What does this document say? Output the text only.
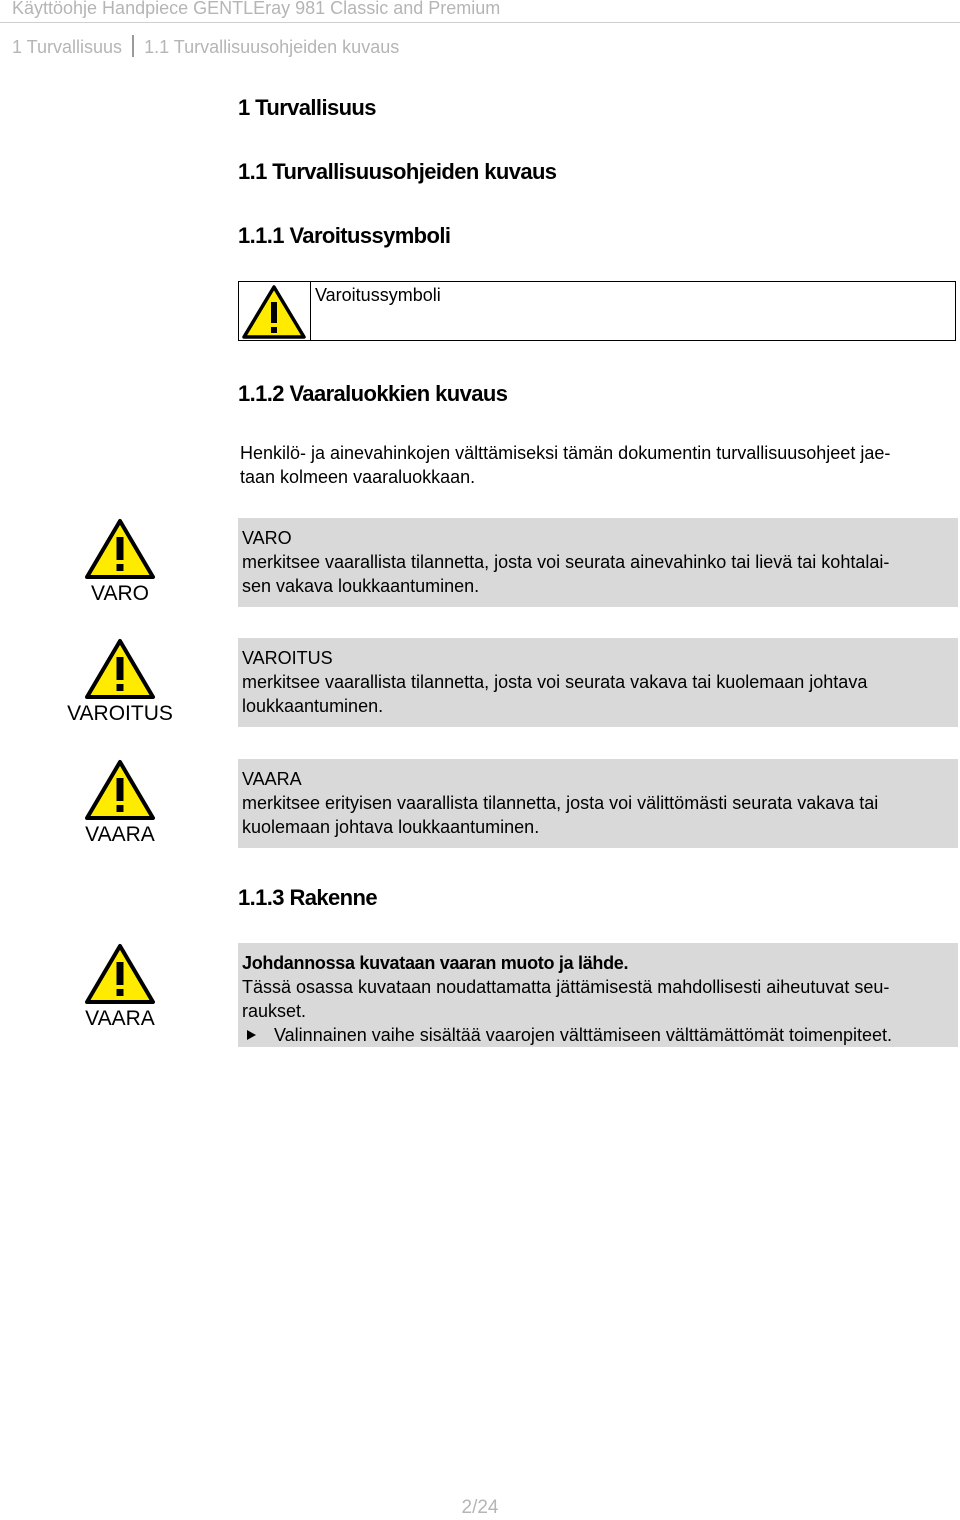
Käyttöohje Handpiece GENTLEray 981 Classic and Premium
1 Turvallisuus 1.1 Turvallisuusohjeiden kuvaus
1 Turvallisuus
1.1 Turvallisuusohjeiden kuvaus
1.1.1 Varoitussymboli
Varoitussymboli
1.1.2 Vaaraluokkien kuvaus
Henkilö- ja ainevahinkojen välttämiseksi tämän dokumentin turvallisuusohjeet jae-
taan kolmeen vaaraluokkaan.
VARO
VARO
merkitsee vaarallista tilannetta, josta voi seurata ainevahinko tai lievä tai kohtalai-
sen vakava loukkaantuminen.
VAROITUS
VAROITUS
merkitsee vaarallista tilannetta, josta voi seurata vakava tai kuolemaan johtava
loukkaantuminen.
VAARA
VAARA
merkitsee erityisen vaarallista tilannetta, josta voi välittömästi seurata vakava tai
kuolemaan johtava loukkaantuminen.
1.1.3 Rakenne
VAARA
Johdannossa kuvataan vaaran muoto ja lähde.
Tässä osassa kuvataan noudattamatta jättämisestä mahdollisesti aiheutuvat seu-
raukset.
Valinnainen vaihe sisältää vaarojen välttämiseen välttämättömät toimenpiteet.
2/24
